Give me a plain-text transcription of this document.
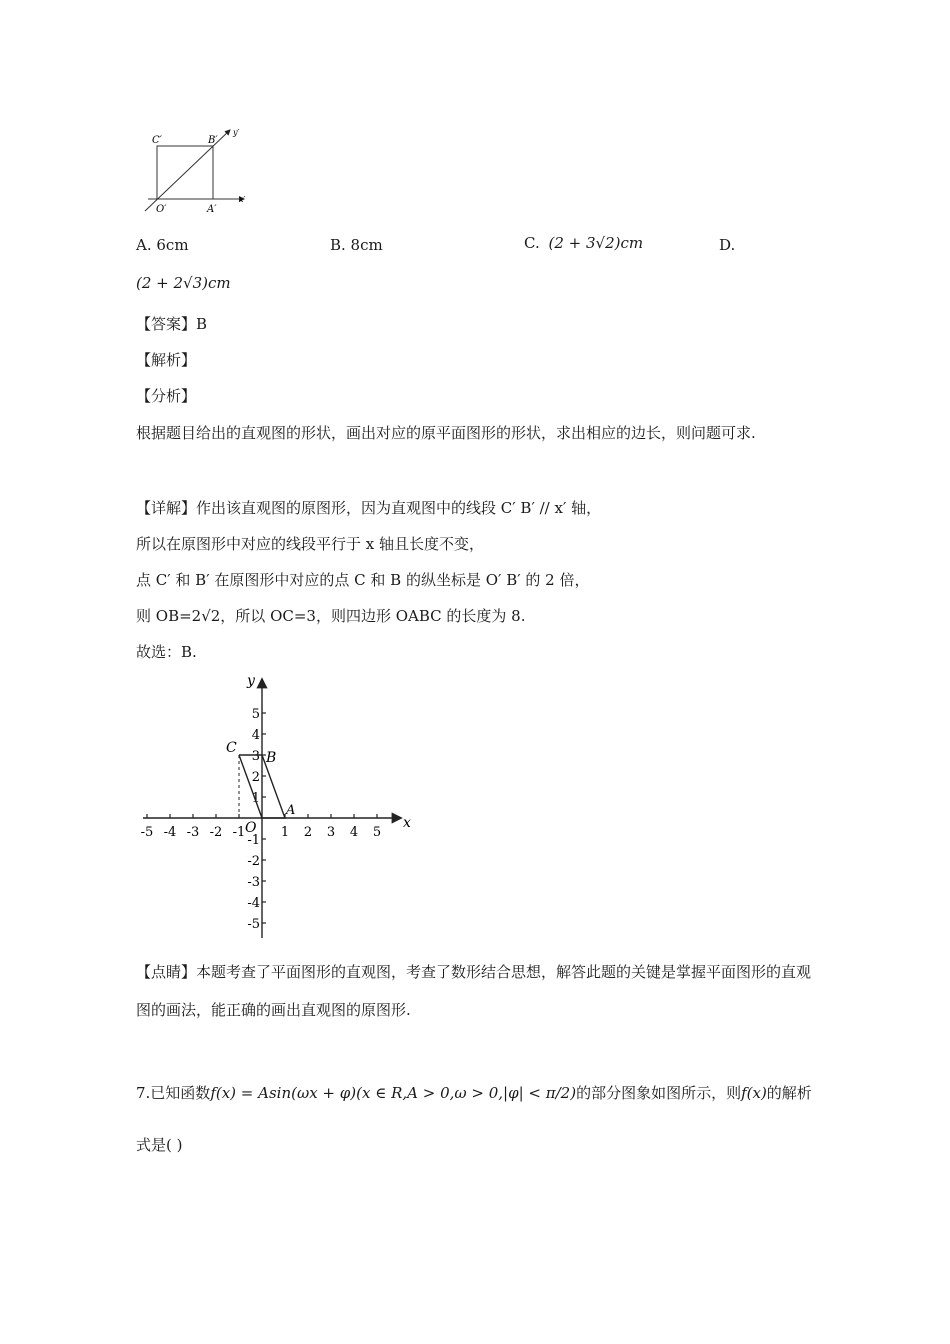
C′	B′
y′
O′	A′
x′
A. 6cm	B. 8cm	C. (2 + 3√2)cm	D.
(2 + 2√3)cm
【答案】B
【解析】
【分析】
根据题目给出的直观图的形状，画出对应的原平面图形的形状，求出相应的边长，则问题可求.
【详解】作出该直观图的原图形，因为直观图中的线段 C′ B′ // x′ 轴，
所以在原图形中对应的线段平行于 x 轴且长度不变，
点 C′ 和 B′ 在原图形中对应的点 C 和 B 的纵坐标是 O′ B′ 的 2 倍，
则 OB=2√2，所以 OC=3，则四边形 OABC 的长度为 8.
故选：B.
-5 -4 -3 -2 -1	1 2 3 4 5
5
4
3
2
1
-1
-2
-3
-4
-5
x
y
O
C
B
A
【点睛】本题考查了平面图形的直观图，考查了数形结合思想，解答此题的关键是掌握平面图形的直观图的画法，能正确的画出直观图的原图形.
7.已知函数f(x) = Asin(ωx + φ)(x ∈ R,A > 0,ω > 0,|φ| < π/2)的部分图象如图所示，则f(x)的解析
式是( )
